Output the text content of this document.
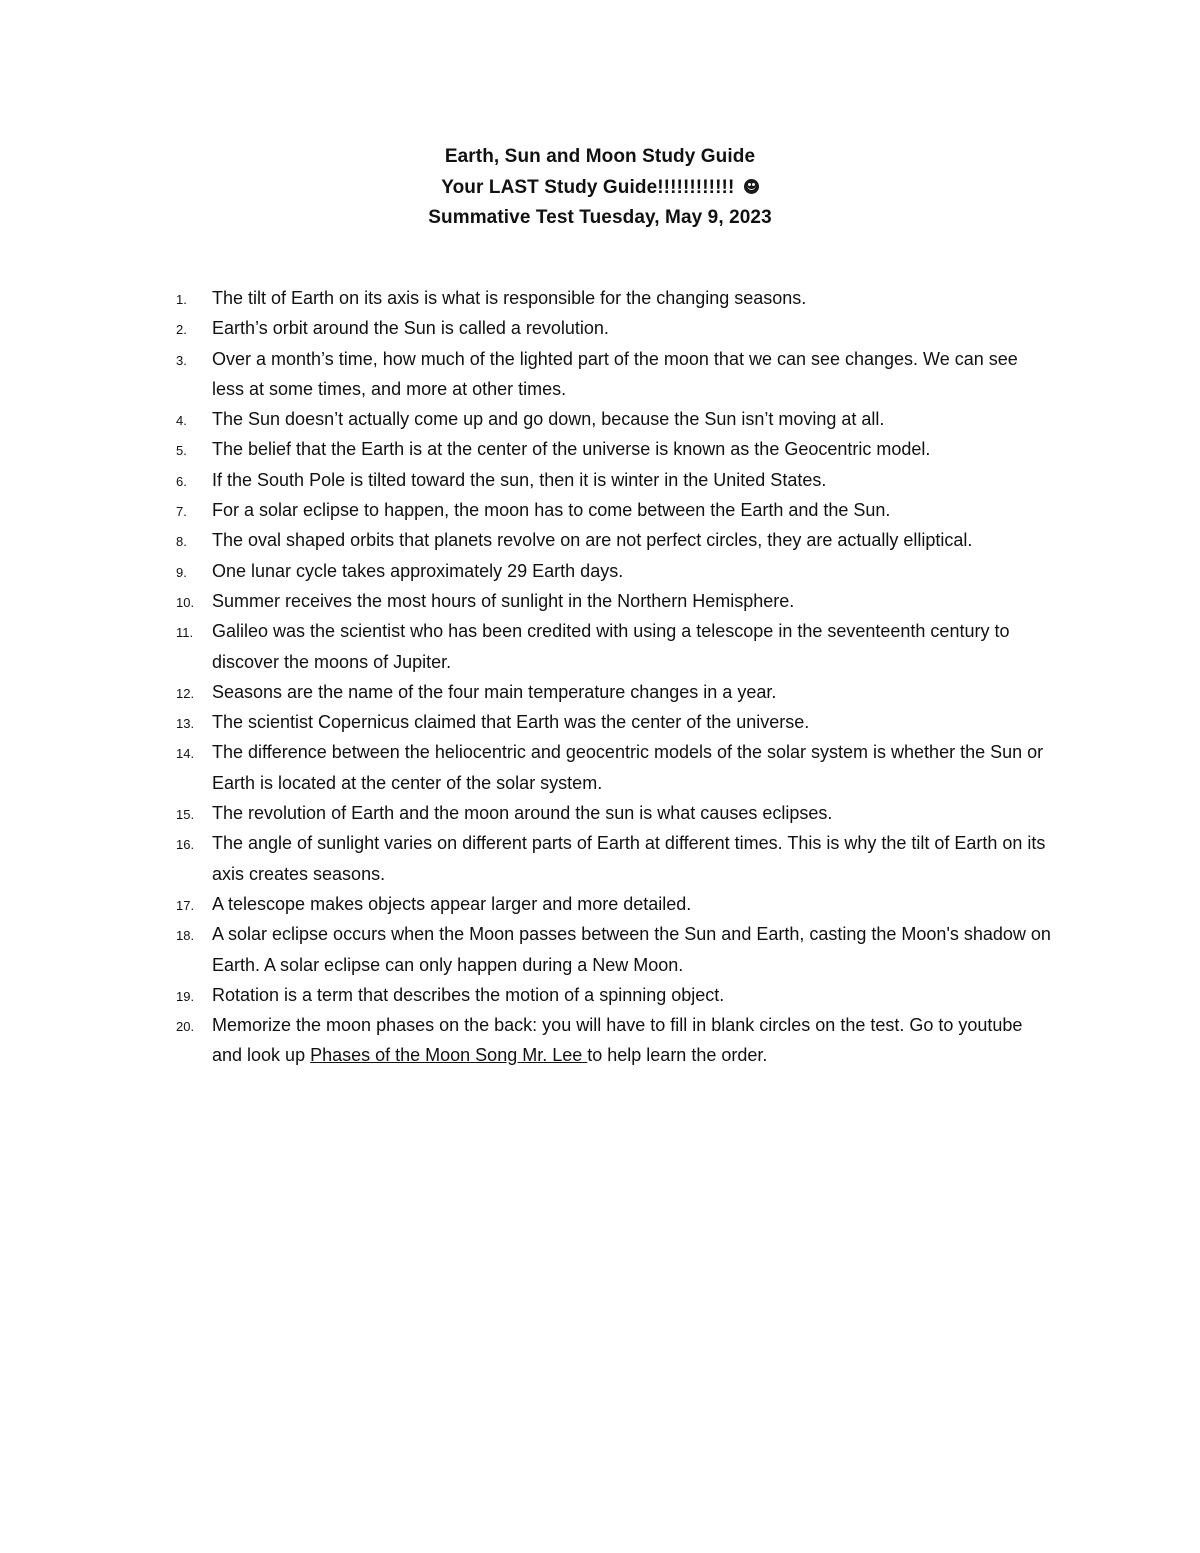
Earth, Sun and Moon Study Guide
Your LAST Study Guide!!!!!!!!!!!!
Summative Test Tuesday, May 9, 2023
1. The tilt of Earth on its axis is what is responsible for the changing seasons.
2. Earth’s orbit around the Sun is called a revolution.
3. Over a month’s time, how much of the lighted part of the moon that we can see changes. We can see less at some times, and more at other times.
4. The Sun doesn’t actually come up and go down, because the Sun isn’t moving at all.
5. The belief that the Earth is at the center of the universe is known as the Geocentric model.
6. If the South Pole is tilted toward the sun, then it is winter in the United States.
7. For a solar eclipse to happen, the moon has to come between the Earth and the Sun.
8. The oval shaped orbits that planets revolve on are not perfect circles, they are actually elliptical.
9. One lunar cycle takes approximately 29 Earth days.
10. Summer receives the most hours of sunlight in the Northern Hemisphere.
11. Galileo was the scientist who has been credited with using a telescope in the seventeenth century to discover the moons of Jupiter.
12. Seasons are the name of the four main temperature changes in a year.
13. The scientist Copernicus claimed that Earth was the center of the universe.
14. The difference between the heliocentric and geocentric models of the solar system is whether the Sun or Earth is located at the center of the solar system.
15. The revolution of Earth and the moon around the sun is what causes eclipses.
16. The angle of sunlight varies on different parts of Earth at different times. This is why the tilt of Earth on its axis creates seasons.
17. A telescope makes objects appear larger and more detailed.
18. A solar eclipse occurs when the Moon passes between the Sun and Earth, casting the Moon's shadow on Earth. A solar eclipse can only happen during a New Moon.
19. Rotation is a term that describes the motion of a spinning object.
20. Memorize the moon phases on the back: you will have to fill in blank circles on the test. Go to youtube and look up Phases of the Moon Song Mr. Lee to help learn the order.
